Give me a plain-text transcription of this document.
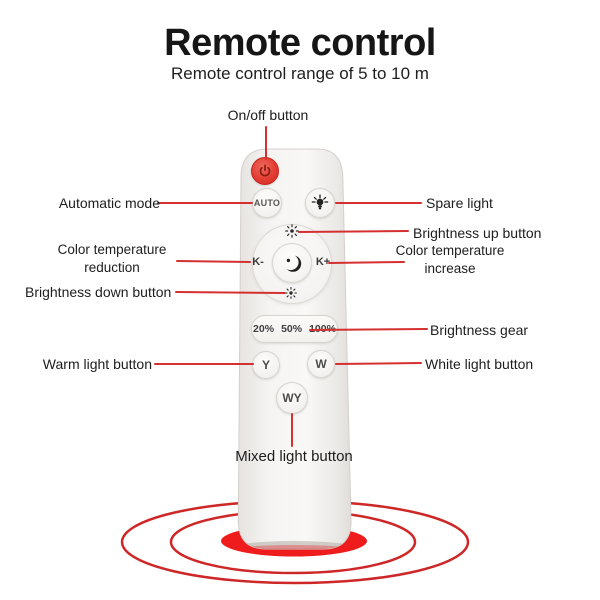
Remote control
Remote control range of 5 to 10 m
AUTO
K-	K+
20% 50% 100%
Y	W
WY
On/off button
Automatic mode	Spare light
Brightness up button
Color temperature reduction
Color temperature increase
Brightness down button
Brightness gear
Warm light button	White light button
Mixed light button
